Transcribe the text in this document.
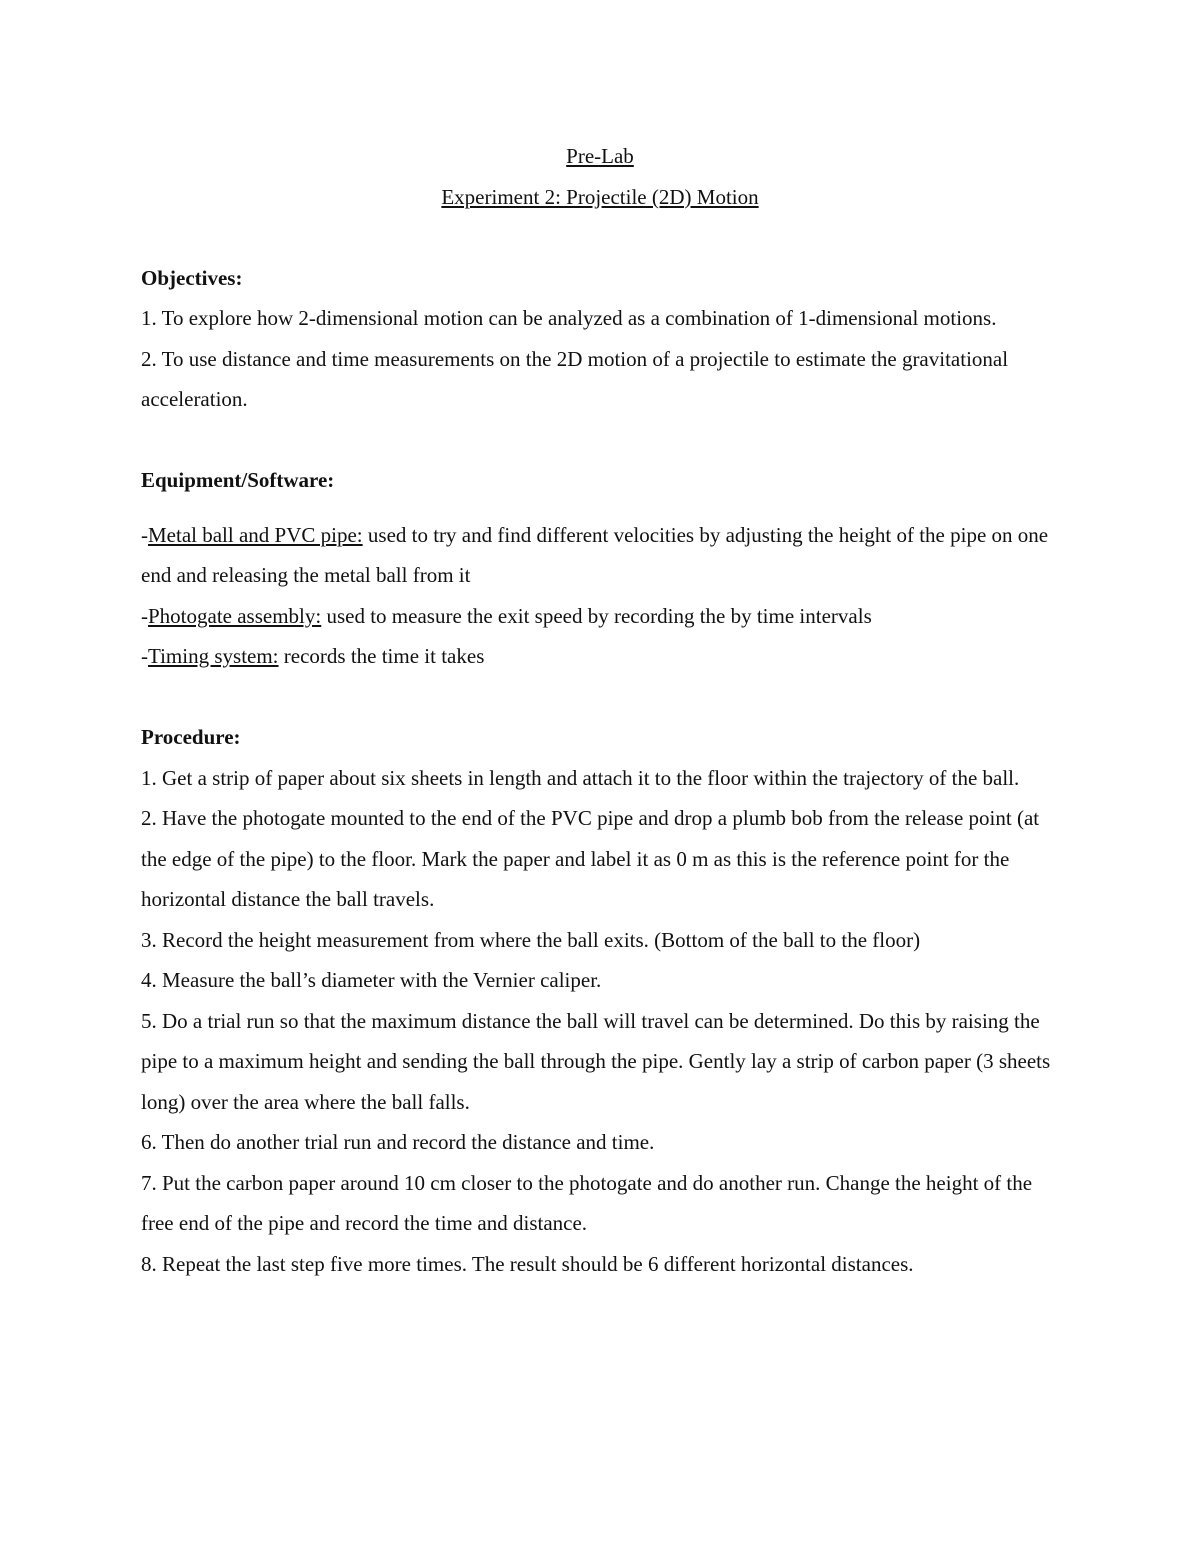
Pre-Lab

Experiment 2: Projectile (2D) Motion

Objectives:

1. To explore how 2-dimensional motion can be analyzed as a combination of 1-dimensional motions.

2. To use distance and time measurements on the 2D motion of a projectile to estimate the gravitational acceleration.

Equipment/Software:

-Metal ball and PVC pipe: used to try and find different velocities by adjusting the height of the pipe on one end and releasing the metal ball from it

-Photogate assembly: used to measure the exit speed by recording the by time intervals

-Timing system: records the time it takes

Procedure:

1. Get a strip of paper about six sheets in length and attach it to the floor within the trajectory of the ball.

2. Have the photogate mounted to the end of the PVC pipe and drop a plumb bob from the release point (at the edge of the pipe) to the floor. Mark the paper and label it as 0 m as this is the reference point for the horizontal distance the ball travels.

3. Record the height measurement from where the ball exits. (Bottom of the ball to the floor)

4. Measure the ball’s diameter with the Vernier caliper.

5. Do a trial run so that the maximum distance the ball will travel can be determined. Do this by raising the pipe to a maximum height and sending the ball through the pipe. Gently lay a strip of carbon paper (3 sheets long) over the area where the ball falls.

6. Then do another trial run and record the distance and time.

7. Put the carbon paper around 10 cm closer to the photogate and do another run. Change the height of the free end of the pipe and record the time and distance.

8. Repeat the last step five more times. The result should be 6 different horizontal distances.
